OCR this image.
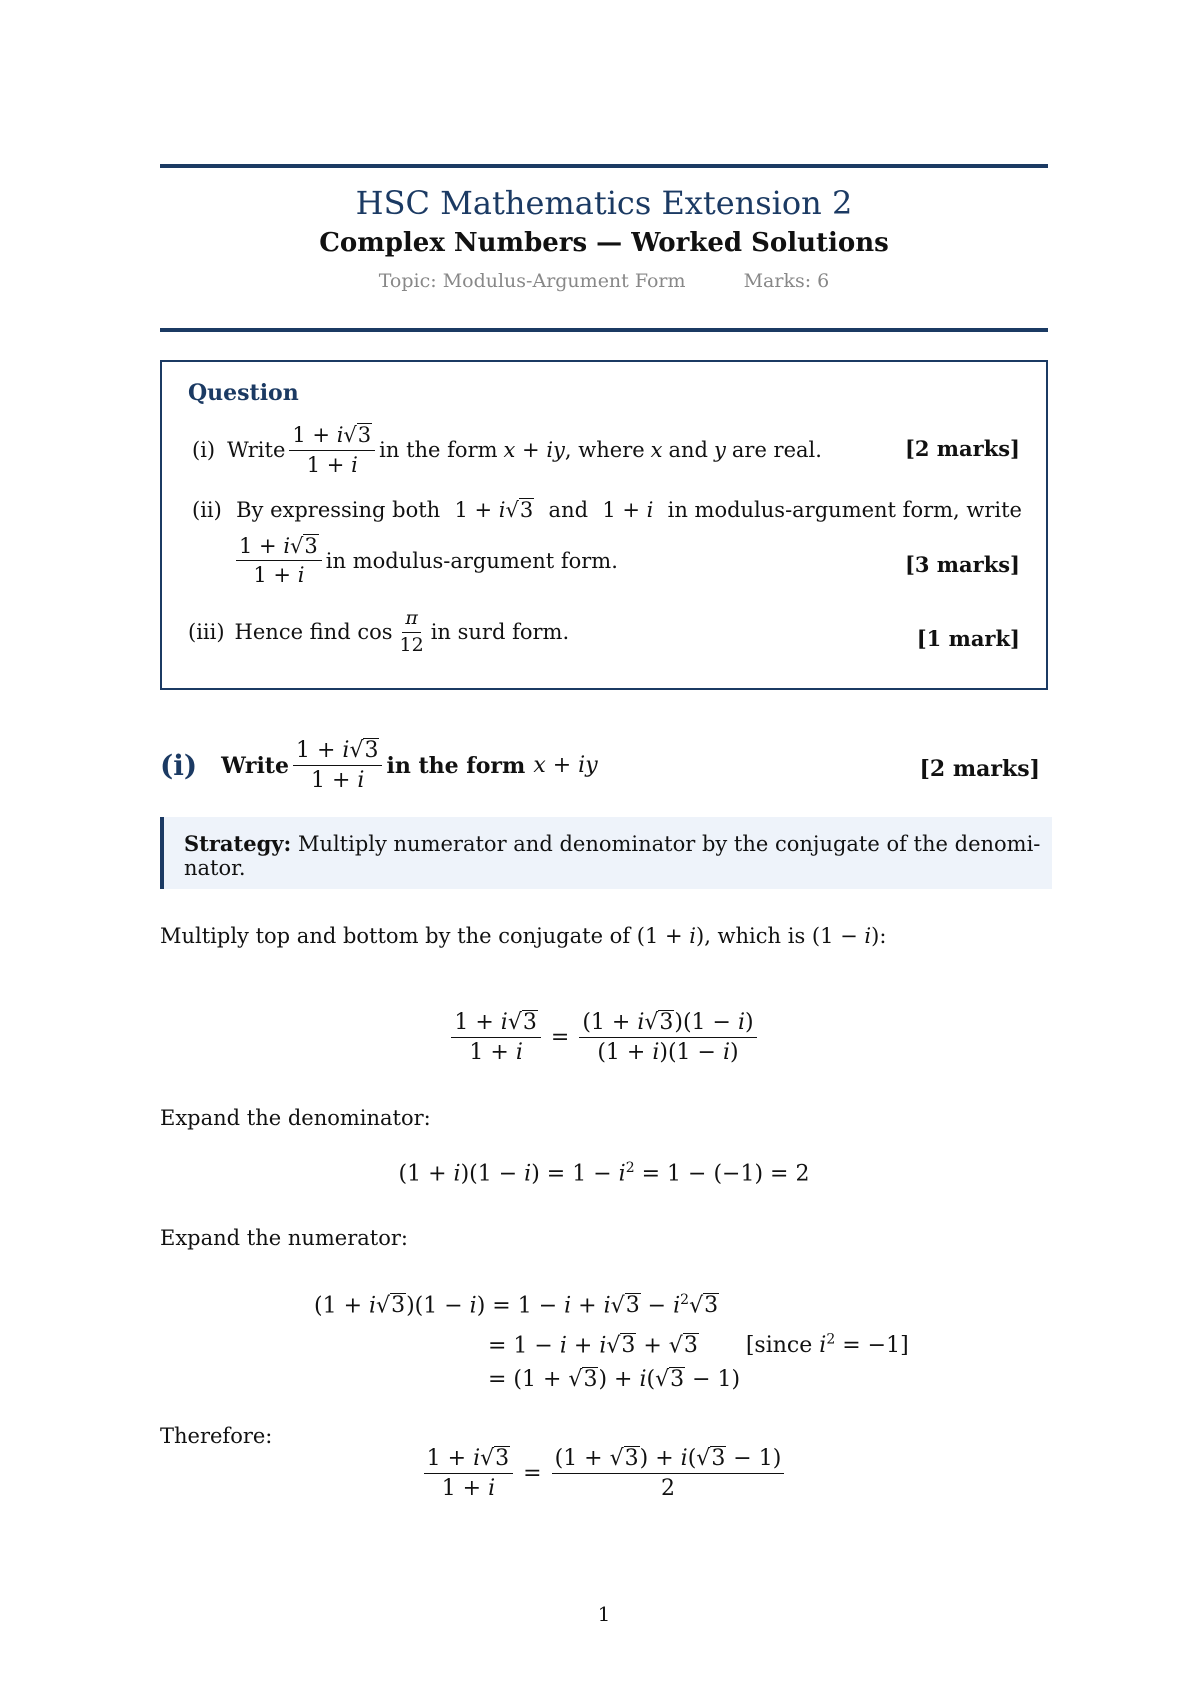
HSC Mathematics Extension 2
Complex Numbers — Worked Solutions
Topic: Modulus-Argument Form	Marks: 6
Question
(i) Write $\frac{1 + i√3}{1 + i}$ in the form x + iy , where x and y are real.	[2 marks]
(ii) By expressing both 1 + i√3 and 1 + i in modulus-argument form, write
$\frac{1 + i√3}{1 + i}$ in modulus-argument form.	[3 marks]
(iii) Hence find $\cos \frac{\pi}{12}$ in surd form.	[1 mark]
(i) Write $\frac{1 + i√3}{1 + i}$ in the form x + iy	[2 marks]
Strategy: Multiply numerator and denominator by the conjugate of the denomi-
nator.
Multiply top and bottom by the conjugate of (1 + i), which is (1 − i):
$\frac{1 + i√3}{1 + i} = \frac{(1 + i√3)(1 - i)}{(1 + i)(1 - i)}$
Expand the denominator:
$(1 + i)(1 - i) = 1 - i^2 = 1 - (-1) = 2$
Expand the numerator:
$(1 + i√3)(1 - i) = 1 - i + i√3 - i^2√3$
= 1 − i + i√3 + √3 [since $i^2 = -1$]
= (1 + √3) + i(√3 − 1)
Therefore:
$\frac{1 + i√3}{1 + i} = \frac{(1 + √3) + i(√3 - 1)}{2}$
1
